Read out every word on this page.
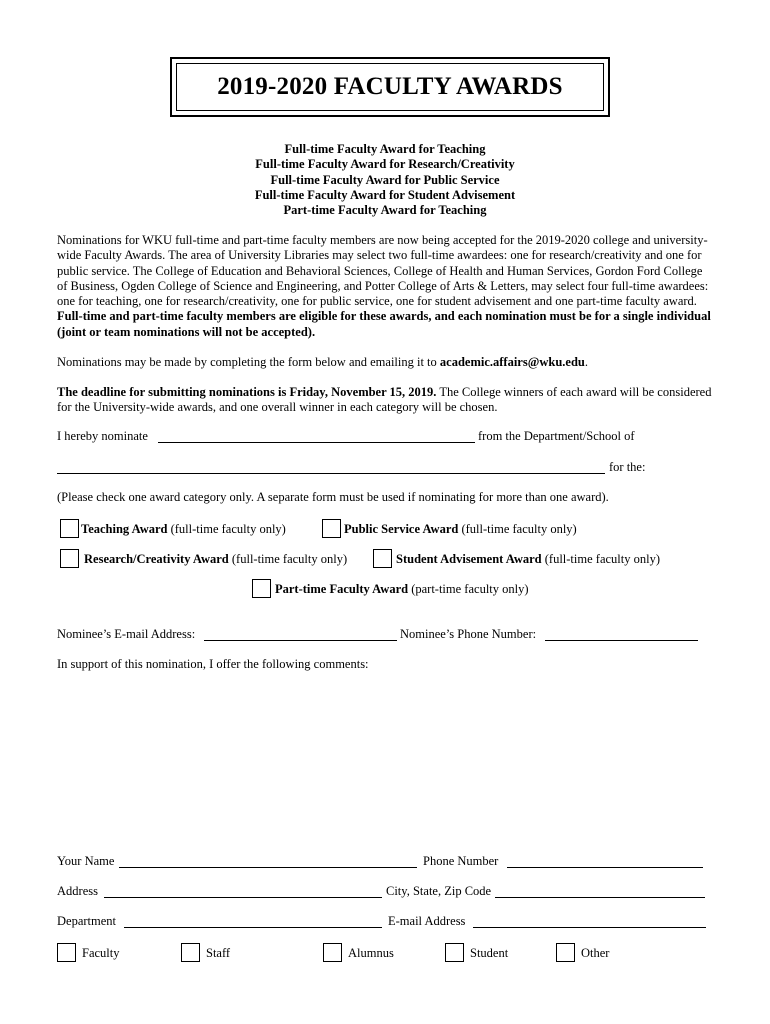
2019-2020 FACULTY AWARDS
Full-time Faculty Award for Teaching
Full-time Faculty Award for Research/Creativity
Full-time Faculty Award for Public Service
Full-time Faculty Award for Student Advisement
Part-time Faculty Award for Teaching
Nominations for WKU full-time and part-time faculty members are now being accepted for the 2019-2020 college and university-wide Faculty Awards. The area of University Libraries may select two full-time awardees: one for research/creativity and one for public service. The College of Education and Behavioral Sciences, College of Health and Human Services, Gordon Ford College of Business, Ogden College of Science and Engineering, and Potter College of Arts & Letters, may select four full-time awardees: one for teaching, one for research/creativity, one for public service, one for student advisement and one part-time faculty award. Full-time and part-time faculty members are eligible for these awards, and each nomination must be for a single individual (joint or team nominations will not be accepted).
Nominations may be made by completing the form below and emailing it to academic.affairs@wku.edu.
The deadline for submitting nominations is Friday, November 15, 2019. The College winners of each award will be considered for the University-wide awards, and one overall winner in each category will be chosen.
I hereby nominate	from the Department/School of
for the:
(Please check one award category only. A separate form must be used if nominating for more than one award).
Teaching Award (full-time faculty only)	Public Service Award (full-time faculty only)
Research/Creativity Award (full-time faculty only)	Student Advisement Award (full-time faculty only)
Part-time Faculty Award (part-time faculty only)
Nominee’s E-mail Address:	Nominee’s Phone Number:
In support of this nomination, I offer the following comments:
Your Name	Phone Number
Address	City, State, Zip Code
Department	E-mail Address
Faculty	Staff	Alumnus	Student	Other
